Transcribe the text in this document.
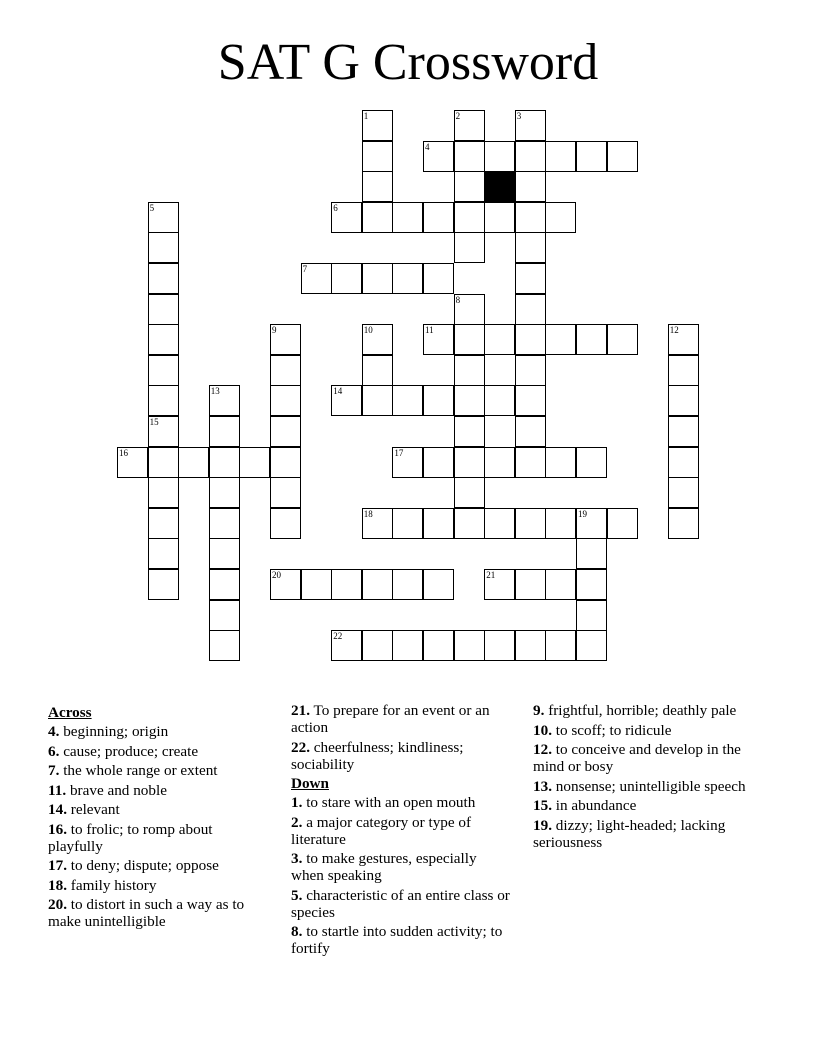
SAT G Crossword
4
6
7
11
14
16	17
18	19
20	21
22
1	2	3
5
8
9	10	12
13
15
Across
4. beginning; origin
6. cause; produce; create
7. the whole range or extent
11. brave and noble
14. relevant
16. to frolic; to romp about playfully
17. to deny; dispute; oppose
18. family history
20. to distort in such a way as to make unintelligible
21. To prepare for an event or an action
22. cheerfulness; kindliness; sociability
Down
1. to stare with an open mouth
2. a major category or type of literature
3. to make gestures, especially when speaking
5. characteristic of an entire class or species
8. to startle into sudden activity; to fortify
9. frightful, horrible; deathly pale
10. to scoff; to ridicule
12. to conceive and develop in the mind or bosy
13. nonsense; unintelligible speech
15. in abundance
19. dizzy; light-headed; lacking seriousness
